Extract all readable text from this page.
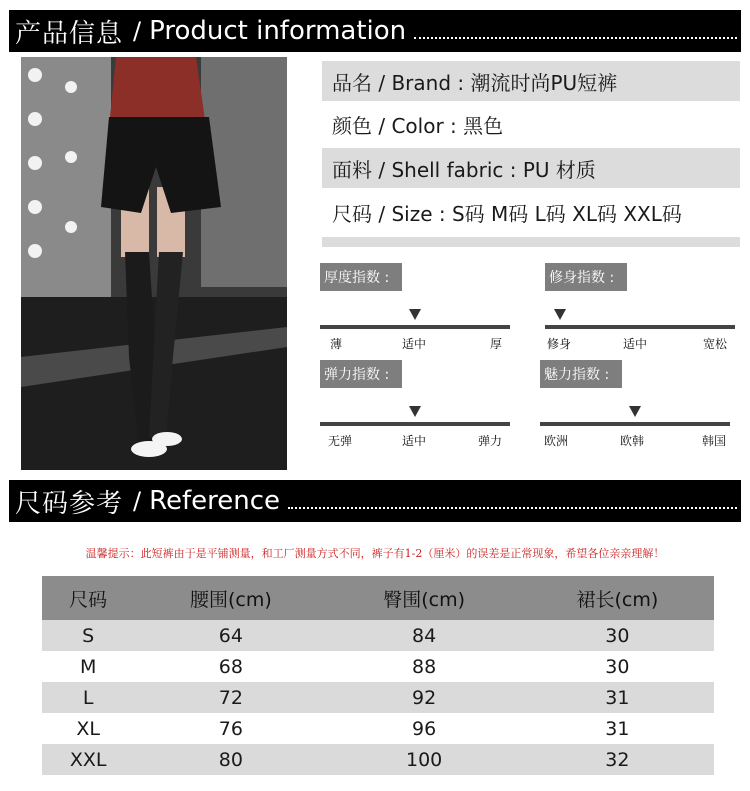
产品信息 / Product information
品名 / Brand : 潮流时尚PU短裤
颜色 / Color : 黑色
面料 / Shell fabric : PU 材质
尺码 / Size : S码 M码 L码 XL码 XXL码
厚度指数 :
薄	适中	厚
修身指数 :
修身	适中	宽松
弹力指数 :
无弹	适中	弹力
魅力指数 :
欧洲	欧韩	韩国
尺码参考 / Reference
温馨提示：此短裤由于是平铺测量，和工厂测量方式不同，裤子有1-2（厘米）的误差是正常现象，希望各位亲亲理解！
尺码	腰围(cm)	臀围(cm)	裙长(cm)
S	64	84	30
M	68	88	30
L	72	92	31
XL	76	96	31
XXL	80	100	32
